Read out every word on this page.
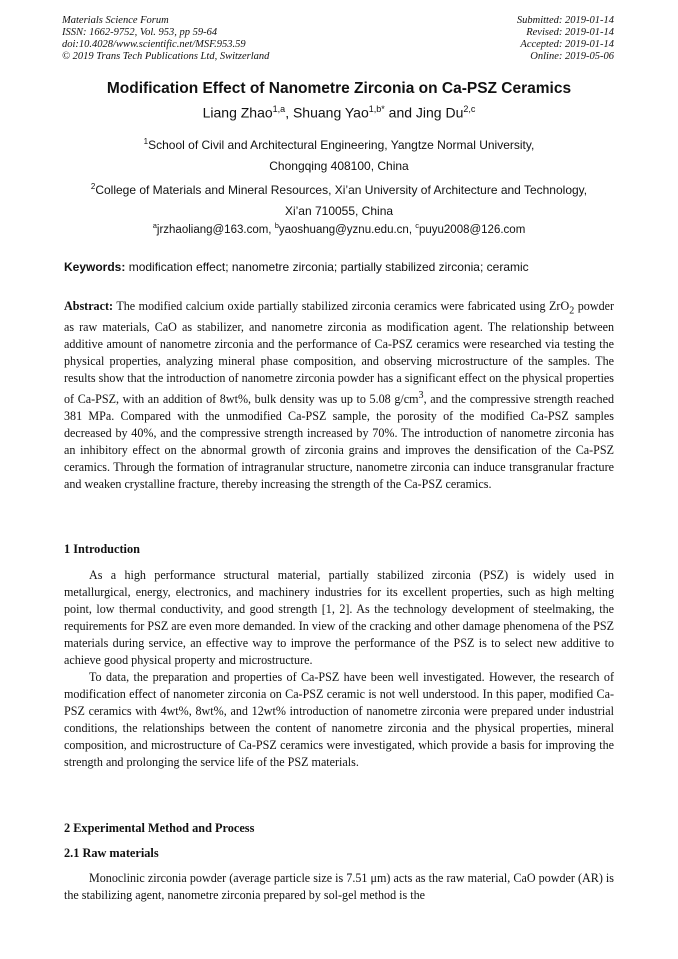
Materials Science Forum
ISSN: 1662-9752, Vol. 953, pp 59-64
doi:10.4028/www.scientific.net/MSF.953.59
© 2019 Trans Tech Publications Ltd, Switzerland
Submitted: 2019-01-14
Revised: 2019-01-14
Accepted: 2019-01-14
Online: 2019-05-06
Modification Effect of Nanometre Zirconia on Ca-PSZ Ceramics
Liang Zhao$^{1,a}$, Shuang Yao$^{1,b*}$ and Jing Du$^{2,c}$
$^1$School of Civil and Architectural Engineering, Yangtze Normal University,
Chongqing 408100, China
$^2$College of Materials and Mineral Resources, Xi’an University of Architecture and Technology,
Xi’an 710055, China
$^a$jrzhaoliang@163.com, $^b$yaoshuang@yznu.edu.cn, $^c$puyu2008@126.com
Keywords: modification effect; nanometre zirconia; partially stabilized zirconia; ceramic

Abstract: The modified calcium oxide partially stabilized zirconia ceramics were fabricated using ZrO$_2$ powder as raw materials, CaO as stabilizer, and nanometre zirconia as modification agent. The relationship between additive amount of nanometre zirconia and the performance of Ca-PSZ ceramics were researched via testing the physical properties, analyzing mineral phase composition, and observing microstructure of the samples. The results show that the introduction of nanometre zirconia powder has a significant effect on the physical properties of Ca-PSZ, with an addition of 8wt%, bulk density was up to 5.08 $g/cm^3$, and the compressive strength reached 381 MPa. Compared with the unmodified Ca-PSZ sample, the porosity of the modified Ca-PSZ samples decreased by 40%, and the compressive strength increased by 70%. The introduction of nanometre zirconia has an inhibitory effect on the abnormal growth of zirconia grains and improves the densification of the Ca-PSZ ceramics. Through the formation of intragranular structure, nanometre zirconia can induce transgranular fracture and weaken crystalline fracture, thereby increasing the strength of the Ca-PSZ ceramics.

1 Introduction

As a high performance structural material, partially stabilized zirconia (PSZ) is widely used in metallurgical, energy, electronics, and machinery industries for its excellent properties, such as high melting point, low thermal conductivity, and good strength [1, 2]. As the technology development of steelmaking, the requirements for PSZ are even more demanded. In view of the cracking and other damage phenomena of the PSZ materials during service, an effective way to improve the performance of the PSZ is to select new additive to achieve good physical property and microstructure.

To data, the preparation and properties of Ca-PSZ have been well investigated. However, the research of modification effect of nanometer zirconia on Ca-PSZ ceramic is not well understood. In this paper, modified Ca-PSZ ceramics with 4wt%, 8wt%, and 12wt% introduction of nanometre zirconia were prepared under industrial conditions, the relationships between the content of nanometre zirconia and the physical properties, mineral composition, and microstructure of Ca-PSZ ceramics were investigated, which provide a basis for improving the strength and prolonging the service life of the PSZ materials.

2 Experimental Method and Process
2.1 Raw materials

Monoclinic zirconia powder (average particle size is 7.51 μm) acts as the raw material, CaO powder (AR) is the stabilizing agent, nanometre zirconia prepared by sol-gel method is the
